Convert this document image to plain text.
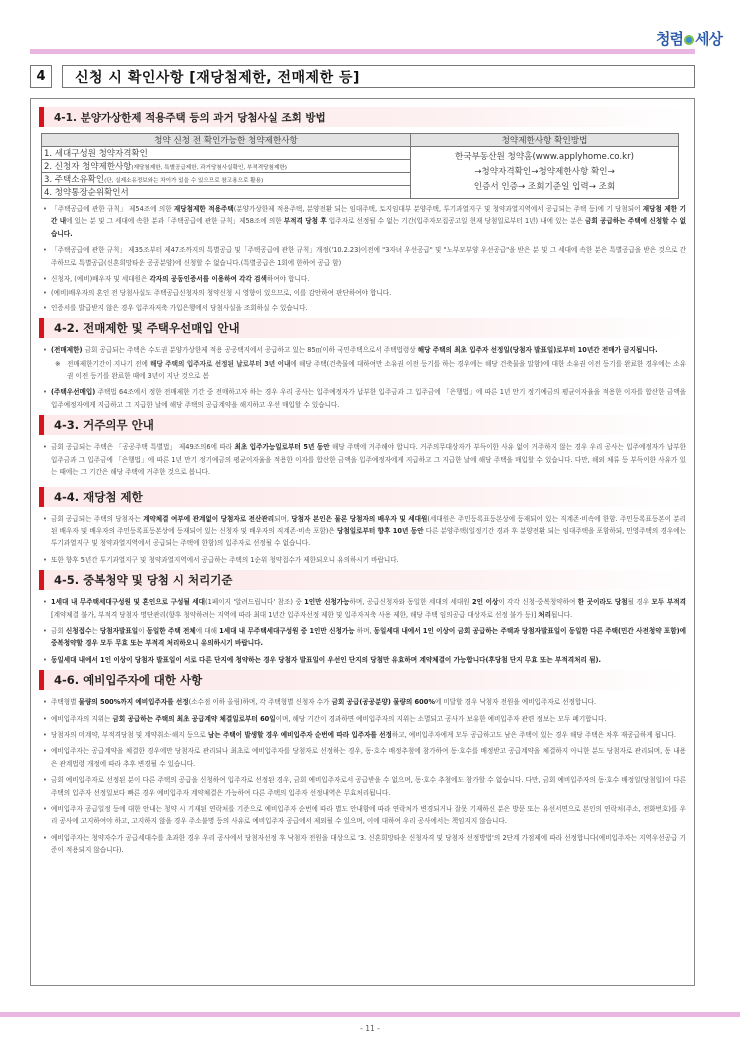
청렴 세상
4	신청 시 확인사항 [재당첨제한, 전매제한 등]
4-1. 분양가상한제 적용주택 등의 과거 당첨사실 조회 방법
청약 신청 전 확인가능한 청약제한사항	청약제한사항 확인방법
1. 세대구성원 청약자격확인	한국부동산원 청약홈(www.applyhome.co.kr)
→청약자격확인→청약제한사항 확인→
인증서 인증→ 조회기준일 입력→ 조회

2. 신청자 청약제한사항(재당첨제한, 특별공급제한, 과거당첨사실확인, 부적격당첨제한)	
3. 주택소유확인(단, 실제소유정보와는 차이가 있을 수 있으므로 참고용으로 활용)	
4. 청약통장순위확인서	
• 「주택공급에 관한 규칙」 제54조에 의한 재당첨제한 적용주택(분양가상한제 적용주택, 분양전환 되는 임대주택, 토지임대부 분양주택, 투기과열지구 및 청약과열지역에서 공급되는 주택 등)에 기 당첨되어 재당첨 제한 기간 내에 있는 분 및 그 세대에 속한 분과「주택공급에 관한 규칙」제58조에 의한 부적격 당첨 후 입주자로 선정될 수 없는 기간(입주자모집공고일 현재 당첨일로부터 1년) 내에 있는 분은 금회 공급하는 주택에 신청할 수 없습니다.
• 「주택공급에 관한 규칙」 제35조부터 제47조까지의 특별공급 및「주택공급에 관한 규칙」개정('10.2.23)이전에 "3자녀 우선공급" 및 "노부모부양 우선공급"을 받은 분 및 그 세대에 속한 분은 특별공급을 받은 것으로 간주하므로 특별공급(신혼희망타운 공공분양)에 신청할 수 없습니다.(특별공급은 1회에 한하여 공급 함)
• 신청자, (예비)배우자 및 세대원은 각자의 공동인증서를 이용하여 각각 검색하여야 합니다.
• (예비)배우자의 혼인 전 당첨사실도 주택공급신청자의 청약신청 시 영향이 있으므로, 이를 감안하여 판단하여야 합니다.
• 인증서를 발급받지 않은 경우 입주자저축 가입은행에서 당첨사실을 조회하실 수 있습니다.
4-2. 전매제한 및 주택우선매입 안내
• (전매제한) 금회 공급되는 주택은 수도권 분양가상한제 적용 공공택지에서 공급하고 있는 85㎡이하 국민주택으로서 주택법령상 해당 주택의 최초 입주자 선정일(당첨자 발표일)로부터 10년간 전매가 금지됩니다.
※ 전매제한기간이 지나기 전에 해당 주택의 입주자로 선정된 날로부터 3년 이내에 해당 주택(건축물에 대하여만 소유권 이전 등기를 하는 경우에는 해당 건축물을 말함)에 대한 소유권 이전 등기를 완료한 경우에는 소유권 이전 등기를 완료한 때에 3년이 지난 것으로 봄
• (주택우선매입) 주택법 64조에서 정한 전매제한 기간 중 전매하고자 하는 경우 우리 공사는 입주예정자가 납부한 입주금과 그 입주금에 「은행법」에 따른 1년 만기 정기예금의 평균이자율을 적용한 이자를 합산한 금액을 입주예정자에게 지급하고 그 지급한 날에 해당 주택의 공급계약을 해지하고 우선 매입할 수 있습니다.
4-3. 거주의무 안내
• 금회 공급되는 주택은 「공공주택 특별법」 제49조의6에 따라 최초 입주가능일로부터 5년 동안 해당 주택에 거주해야 합니다. 거주의무대상자가 부득이한 사유 없이 거주하지 않는 경우 우리 공사는 입주예정자가 납부한 입주금과 그 입주금에 「은행법」에 따른 1년 만기 정기예금의 평균이자율을 적용한 이자를 합산한 금액을 입주예정자에게 지급하고 그 지급한 날에 해당 주택을 매입할 수 있습니다. 다만, 해외 체류 등 부득이한 사유가 있는 때에는 그 기간은 해당 주택에 거주한 것으로 봅니다.
4-4. 재당첨 제한
• 금회 공급되는 주택의 당첨자는 계약체결 여부에 관계없이 당첨자로 전산관리되며, 당첨자 본인은 물론 당첨자의 배우자 및 세대원(세대원은 주민등록표등본상에 등재되어 있는 직계존·비속에 한함. 주민등록표등본이 분리된 배우자 및 배우자의 주민등록표등본상에 등재되어 있는 신청자 및 배우자의 직계존·비속 포함)은 당첨일로부터 향후 10년 동안 다른 분양주택(일정기간 경과 후 분양전환 되는 임대주택을 포함하되, 민영주택의 경우에는 투기과열지구 및 청약과열지역에서 공급되는 주택에 한함)의 입주자로 선정될 수 없습니다.
• 또한 향후 5년간 투기과열지구 및 청약과열지역에서 공급하는 주택의 1순위 청약접수가 제한되오니 유의하시기 바랍니다.
4-5. 중복청약 및 당첨 시 처리기준
• 1세대 내 무주택세대구성원 및 혼인으로 구성될 세대(1페이지 '알려드립니다' 참조) 중 1인만 신청가능하며, 공급신청자와 동일한 세대의 세대원 2인 이상이 각각 신청·중복청약하여 한 곳이라도 당첨될 경우 모두 부적격[계약체결 불가, 부적격 당첨자 명단관리(향후 청약하려는 지역에 따라 최대 1년간 입주자선정 제한 및 입주자저축 사용 제한, 해당 주택 임의공급 대상자로 선정 불가 등)] 처리됩니다.
• 금회 신청접수는 당첨자발표일이 동일한 주택 전체에 대해 1세대 내 무주택세대구성원 중 1인만 신청가능 하며, 동일세대 내에서 1인 이상이 금회 공급하는 주택과 당첨자발표일이 동일한 다른 주택(민간 사전청약 포함)에 중복청약할 경우 모두 무효 또는 부적격 처리하오니 유의하시기 바랍니다.
• 동일세대 내에서 1인 이상이 당첨자 발표일이 서로 다른 단지에 청약하는 경우 당첨자 발표일이 우선인 단지의 당첨만 유효하며 계약체결이 가능합니다(후당첨 단지 무효 또는 부적격처리 됨).
4-6. 예비입주자에 대한 사항
• 주택형별 물량의 500%까지 예비입주자를 선정(소수점 이하 올림)하며, 각 주택형별 신청자 수가 금회 공급(공공분양) 물량의 600%에 미달할 경우 낙첨자 전원을 예비입주자로 선정합니다.
• 예비입주자의 지위는 금회 공급하는 주택의 최초 공급계약 체결일로부터 60일이며, 해당 기간이 경과하면 예비입주자의 지위는 소멸되고 공사가 보유한 예비입주자 관련 정보는 모두 폐기합니다.
• 당첨자의 미계약, 부적격당첨 및 계약취소·해지 등으로 남는 주택이 발생할 경우 예비입주자 순번에 따라 입주자를 선정하고, 예비입주자에게 모두 공급하고도 남은 주택이 있는 경우 해당 주택은 차후 재공급하게 됩니다.
• 예비입주자는 공급계약을 체결한 경우에만 당첨자로 관리되나 최초로 예비입주자를 당첨자로 선정하는 경우, 동·호수 배정추첨에 참가하여 동·호수를 배정받고 공급계약을 체결하지 아니한 분도 당첨자로 관리되며, 동 내용은 관계법령 개정에 따라 추후 변경될 수 있습니다.
• 금회 예비입주자로 선정된 분이 다른 주택의 공급을 신청하여 입주자로 선정된 경우, 금회 예비입주자로서 공급받을 수 없으며, 동·호수 추첨에도 참가할 수 없습니다. 다만, 금회 예비입주자의 동·호수 배정일(당첨일)이 다른 주택의 입주자 선정일보다 빠른 경우 예비입주자 계약체결은 가능하여 다른 주택의 입주자 선정내역은 무효처리됩니다.
• 예비입주자 공급일정 등에 대한 안내는 청약 시 기재된 연락처를 기준으로 예비입주자 순번에 따라 별도 안내함에 따라 연락처가 변경되거나 잘못 기재하신 분은 방문 또는 유선서면으로 본인의 연락처(주소, 전화번호)를 우리 공사에 고지하여야 하고, 고지하지 않을 경우 주소불명 등의 사유로 예비입주자 공급에서 제외될 수 있으며, 이에 대하여 우리 공사에서는 책임지지 않습니다.
• 예비입주자는 청약자수가 공급세대수를 초과한 경우 우리 공사에서 당첨자선정 후 낙첨자 전원을 대상으로 '3. 신혼희망타운 신청자격 및 당첨자 선정방법'의 2단계 가점제에 따라 선정합니다(예비입주자는 지역우선공급 기준이 적용되지 않습니다).
- 11 -
